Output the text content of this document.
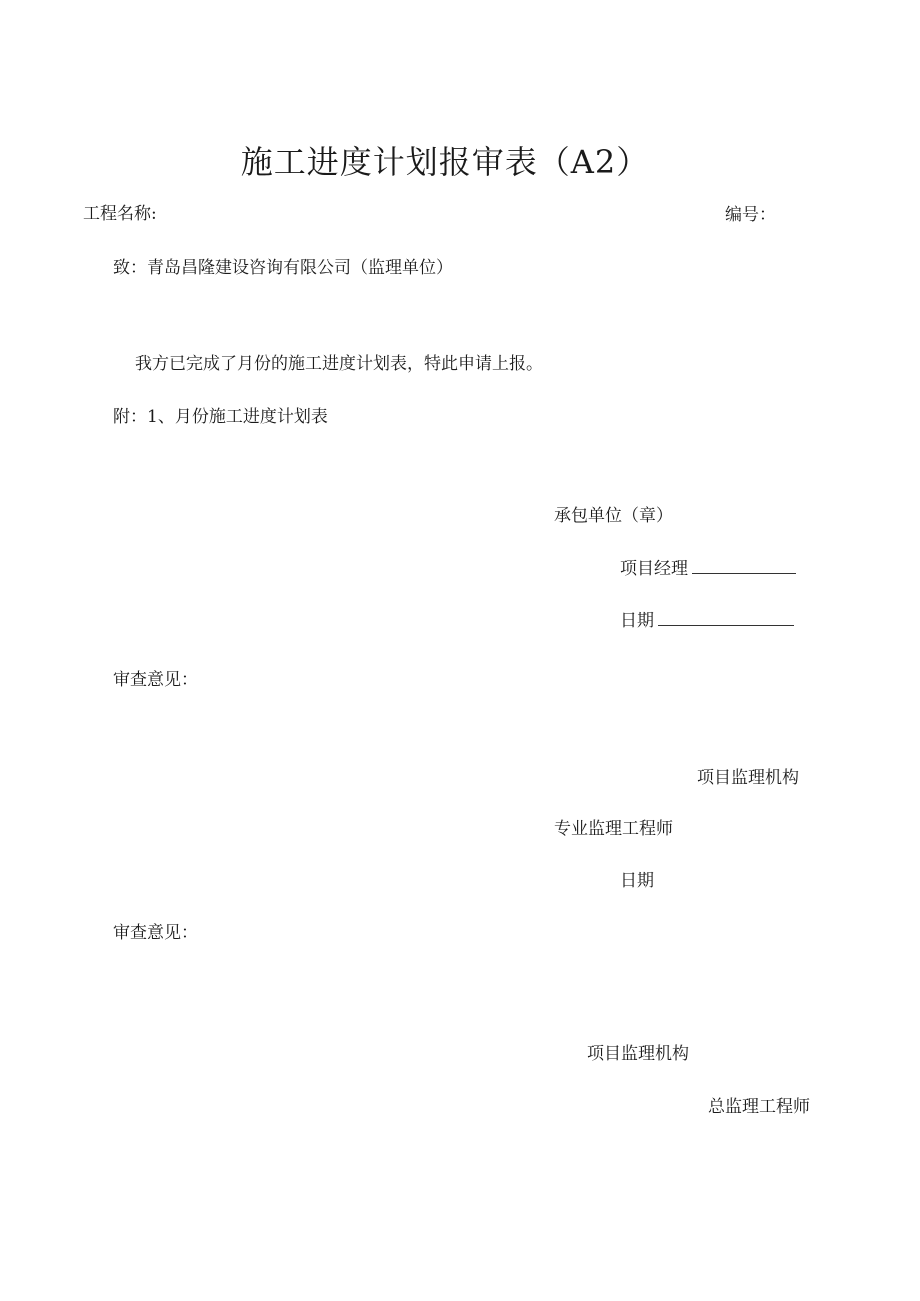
施工进度计划报审表（A2）
工程名称:	编号：
致：青岛昌隆建设咨询有限公司（监理单位）
我方已完成了月份的施工进度计划表，特此申请上报。
附：1、月份施工进度计划表
承包单位（章）
项目经理
日期
审查意见：
项目监理机构
专业监理工程师
日期
审查意见：
项目监理机构
总监理工程师
